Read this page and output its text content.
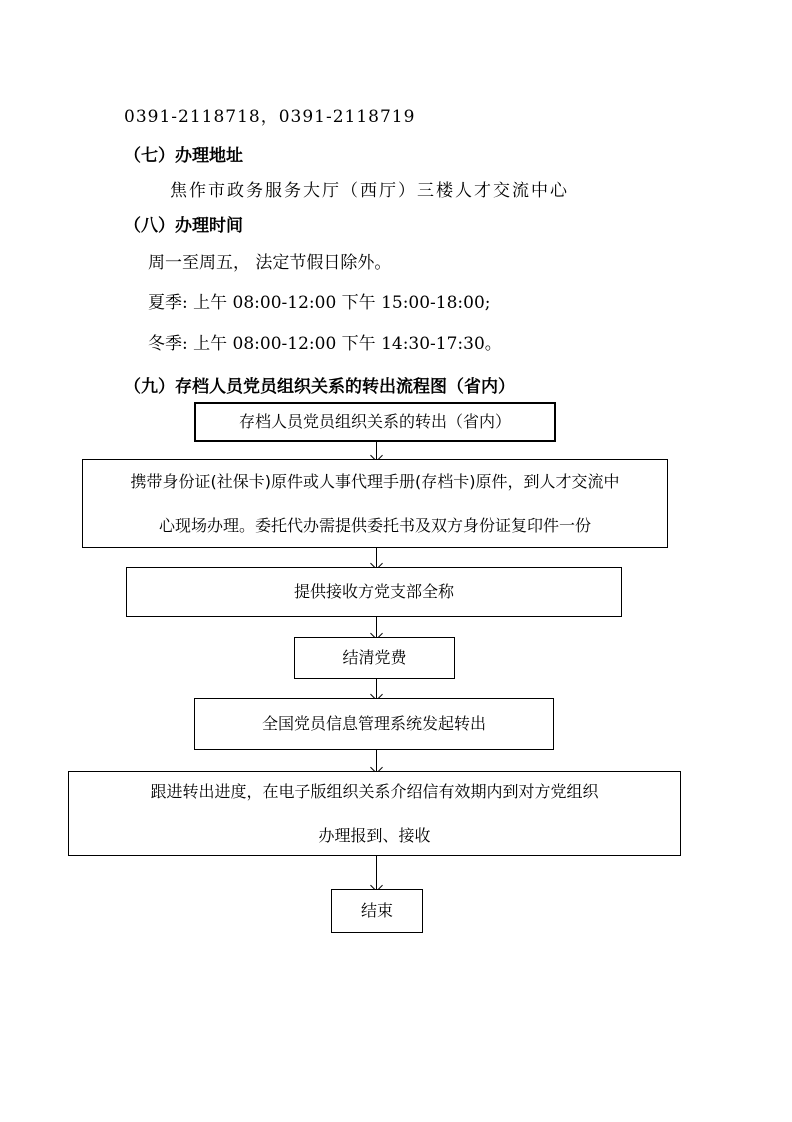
0391-2118718，0391-2118719
（七）办理地址
焦作市政务服务大厅（西厅）三楼人才交流中心
（八）办理时间
周一至周五， 法定节假日除外。
夏季: 上午 08:00-12:00 下午 15:00-18:00;
冬季: 上午 08:00-12:00 下午 14:30-17:30。
（九）存档人员党员组织关系的转出流程图（省内）
存档人员党员组织关系的转出（省内）
携带身份证(社保卡)原件或人事代理手册(存档卡)原件，到人才交流中
心现场办理。委托代办需提供委托书及双方身份证复印件一份
提供接收方党支部全称
结清党费
全国党员信息管理系统发起转出
跟进转出进度，在电子版组织关系介绍信有效期内到对方党组织
办理报到、接收
结束
